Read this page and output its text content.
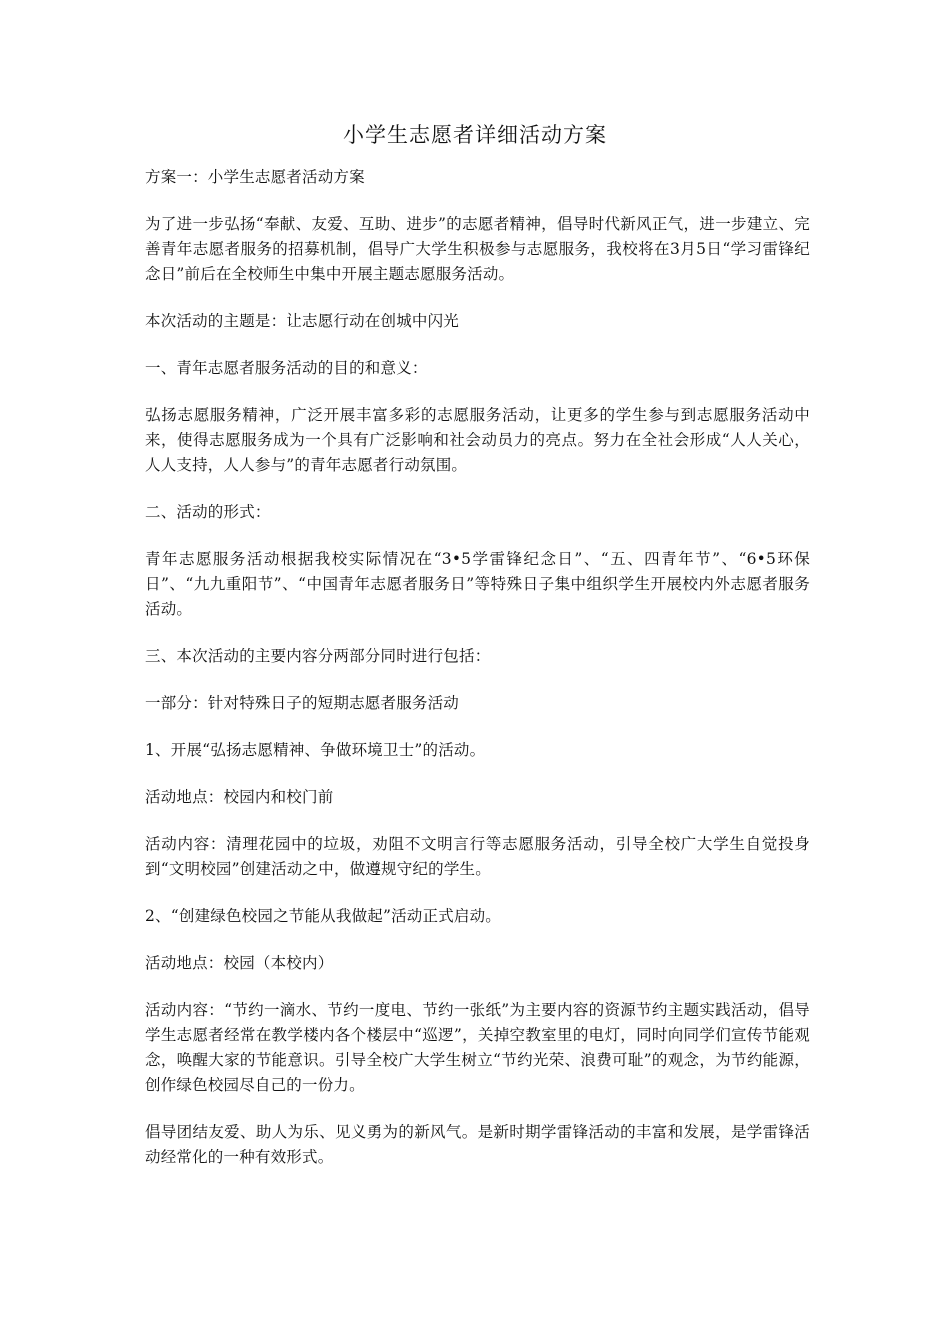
小学生志愿者详细活动方案

方案一：小学生志愿者活动方案

为了进一步弘扬“奉献、友爱、互助、进步”的志愿者精神，倡导时代新风正气，进一步建立、完善青年志愿者服务的招募机制，倡导广大学生积极参与志愿服务，我校将在3月5日“学习雷锋纪念日”前后在全校师生中集中开展主题志愿服务活动。

本次活动的主题是：让志愿行动在创城中闪光

一、青年志愿者服务活动的目的和意义：

弘扬志愿服务精神，广泛开展丰富多彩的志愿服务活动，让更多的学生参与到志愿服务活动中来，使得志愿服务成为一个具有广泛影响和社会动员力的亮点。努力在全社会形成“人人关心，人人支持，人人参与”的青年志愿者行动氛围。

二、活动的形式：

青年志愿服务活动根据我校实际情况在“3•5学雷锋纪念日”、“五、四青年节”、“6•5环保日”、“九九重阳节”、“中国青年志愿者服务日”等特殊日子集中组织学生开展校内外志愿者服务活动。

三、本次活动的主要内容分两部分同时进行包括：

一部分：针对特殊日子的短期志愿者服务活动

1、开展“弘扬志愿精神、争做环境卫士”的活动。

活动地点：校园内和校门前

活动内容：清理花园中的垃圾，劝阻不文明言行等志愿服务活动，引导全校广大学生自觉投身到“文明校园”创建活动之中，做遵规守纪的学生。

2、“创建绿色校园之节能从我做起”活动正式启动。

活动地点：校园（本校内）

活动内容：“节约一滴水、节约一度电、节约一张纸”为主要内容的资源节约主题实践活动，倡导学生志愿者经常在教学楼内各个楼层中“巡逻”，关掉空教室里的电灯，同时向同学们宣传节能观念，唤醒大家的节能意识。引导全校广大学生树立“节约光荣、浪费可耻”的观念，为节约能源，创作绿色校园尽自己的一份力。

倡导团结友爱、助人为乐、见义勇为的新风气。是新时期学雷锋活动的丰富和发展，是学雷锋活动经常化的一种有效形式。
